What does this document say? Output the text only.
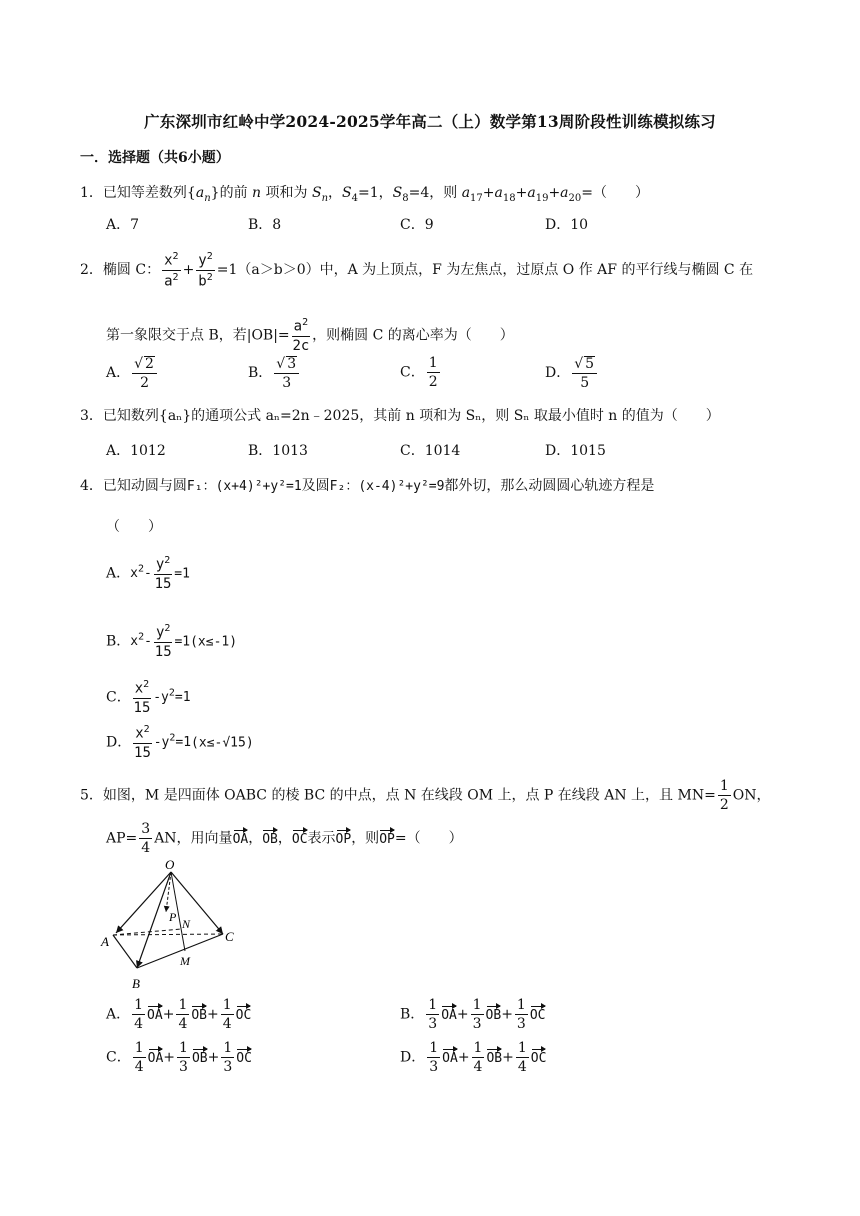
广东深圳市红岭中学2024-2025学年高二（上）数学第13周阶段性训练模拟练习
一．选择题（共6小题）
1．已知等差数列$\{a_n\}$的前 n 项和为 $S_n$，$S_4=1$，$S_8=4$，则 $a_{17}+a_{18}+a_{19}+a_{20}=$（　　）
A．7	B．8	C．9	D．10
2．椭圆 C： $\frac{x^2}{a^2} + \frac{y^2}{b^2} =1(a>b>0)$中，A 为上顶点，F 为左焦点，过原点 O 作 AF 的平行线与椭圆 C 在
第一象限交于点 B，若$|OB|= \frac{a^2}{2c}$ ，则椭圆 C 的离心率为（　　）
A． $\frac{√ 2}{2}$	B． $\frac{√ 3}{3}$	C． $\frac{1}{2}$	D． $\frac{√ 5}{5}$
3．已知数列{aₙ}的通项公式 aₙ=2n﹣2025，其前 n 项和为 Sₙ，则 Sₙ 取最小值时 n 的值为（　　）
A．1012	B．1013	C．1014	D．1015
4．已知动圆与圆F₁：(x+4)²+y²=1及圆F₂：(x-4)²+y²=9都外切，那么动圆圆心轨迹方程是
（　　）
A．$x^2- \frac{y^2}{15} =1$
B．$x^2- \frac{y^2}{15} =1(x\le-1)$
C． $\frac{x^2}{15} -y^2=1$
D． $\frac{x^2}{15} -y^2=1(x\le-√15)$
5．如图，M 是四面体 OABC 的棱 BC 的中点，点 N 在线段 OM 上，点 P 在线段 AN 上，且 $MN= \frac{1}{2}$ ON，
$AP= \frac{3}{4}$ AN，用向量OA，OB，OC表示OP，则OP=（　　）
O
A
B
C
P N
M
A． $\frac{1}{4} OA+ \frac{1}{4} OB+ \frac{1}{4}$ OC	B． $\frac{1}{3} OA+ \frac{1}{3} OB+ \frac{1}{3}$ OC
C． $\frac{1}{4} OA+ \frac{1}{3} OB+ \frac{1}{3}$ OC	D． $\frac{1}{3} OA+ \frac{1}{4} OB+ \frac{1}{4}$ OC
